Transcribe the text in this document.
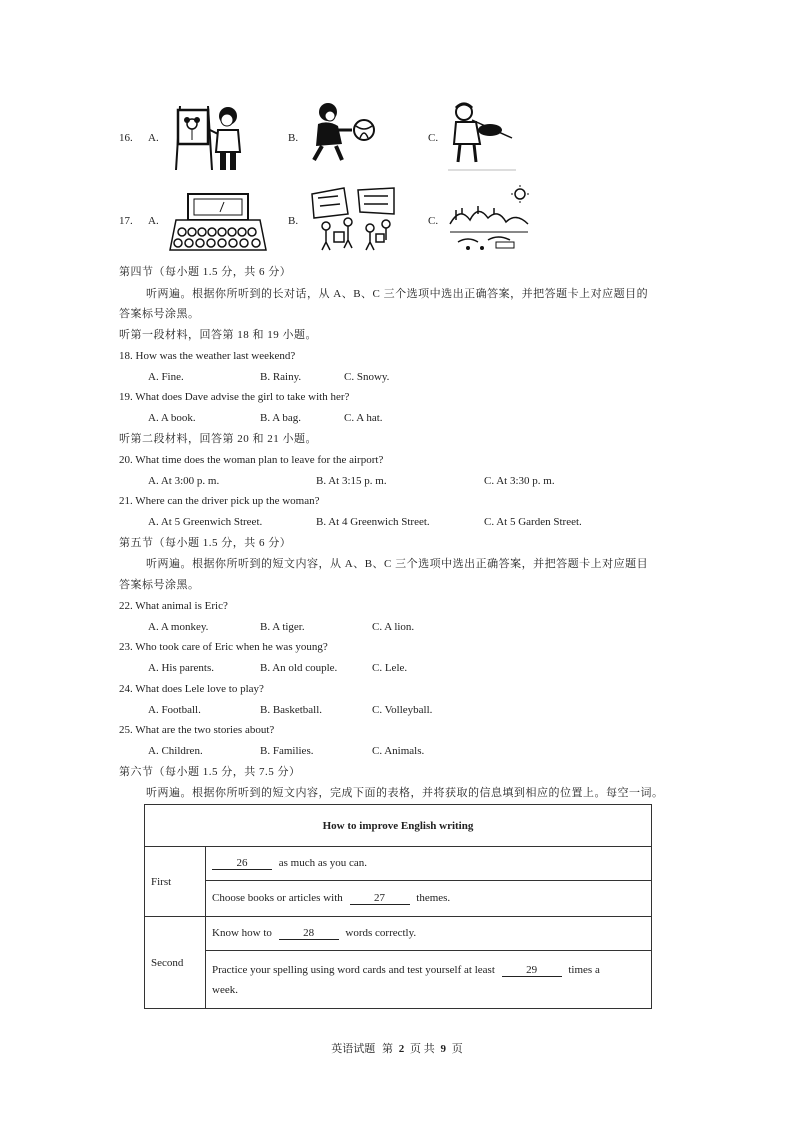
16. A.	B.	C.
17. A.	B.	C.
第四节（每小题 1.5 分，共 6 分）
听两遍。根据你所听到的长对话，从 A、B、C 三个选项中选出正确答案，并把答题卡上对应题目的
答案标号涂黑。
听第一段材料，回答第 18 和 19 小题。
18. How was the weather last weekend?
A. Fine.	B. Rainy.	C. Snowy.
19. What does Dave advise the girl to take with her?
A. A book.	B. A bag.	C. A hat.
听第二段材料，回答第 20 和 21 小题。
20. What time does the woman plan to leave for the airport?
A. At 3:00 p. m.	B. At 3:15 p. m.	C. At 3:30 p. m.
21. Where can the driver pick up the woman?
A. At 5 Greenwich Street.	B. At 4 Greenwich Street.	C. At 5 Garden Street.
第五节（每小题 1.5 分，共 6 分）
听两遍。根据你所听到的短文内容，从 A、B、C 三个选项中选出正确答案，并把答题卡上对应题目
答案标号涂黑。
22. What animal is Eric?
A. A monkey.	B. A tiger.	C. A lion.
23. Who took care of Eric when he was young?
A. His parents.	B. An old couple.	C. Lele.
24. What does Lele love to play?
A. Football.	B. Basketball.	C. Volleyball.
25. What are the two stories about?
A. Children.	B. Families.	C. Animals.
第六节（每小题 1.5 分，共 7.5 分）
听两遍。根据你所听到的短文内容，完成下面的表格，并将获取的信息填到相应的位置上。每空一词。
How to improve English writing	
First	26 as much as you can.
	Choose books or articles with 27 themes.
Second	Know how to 28 words correctly.

	Practice your spelling using word cards and test yourself at least 29 times a
week.
英语试题 第 2 页 共 9 页
